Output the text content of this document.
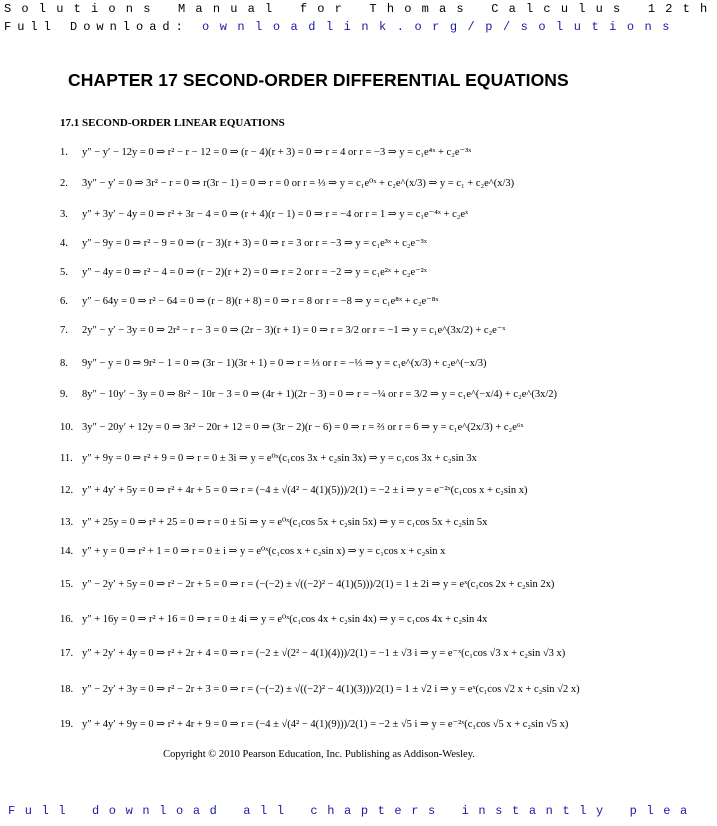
Solutions Manual for Thomas Calculus 12th
Full Download: ownloadlink.org/p/solutions
CHAPTER 17 SECOND-ORDER DIFFERENTIAL EQUATIONS
17.1 SECOND-ORDER LINEAR EQUATIONS
1. y″ − y′ − 12y = 0 ⇒ r² − r − 12 = 0 ⇒ (r − 4)(r + 3) = 0 ⇒ r = 4 or r = −3 ⇒ y = c₁e⁴ˣ + c₂e⁻³ˣ
2. 3y″ − y′ = 0 ⇒ 3r² − r = 0 ⇒ r(3r − 1) = 0 ⇒ r = 0 or r = ⅓ ⇒ y = c₁e⁰ˣ + c₂e^(x/3) ⇒ y = c₁ + c₂e^(x/3)
3. y″ + 3y′ − 4y = 0 ⇒ r² + 3r − 4 = 0 ⇒ (r + 4)(r − 1) = 0 ⇒ r = −4 or r = 1 ⇒ y = c₁e⁻⁴ˣ + c₂eˣ
4. y″ − 9y = 0 ⇒ r² − 9 = 0 ⇒ (r − 3)(r + 3) = 0 ⇒ r = 3 or r = −3 ⇒ y = c₁e³ˣ + c₂e⁻³ˣ
5. y″ − 4y = 0 ⇒ r² − 4 = 0 ⇒ (r − 2)(r + 2) = 0 ⇒ r = 2 or r = −2 ⇒ y = c₁e²ˣ + c₂e⁻²ˣ
6. y″ − 64y = 0 ⇒ r² − 64 = 0 ⇒ (r − 8)(r + 8) = 0 ⇒ r = 8 or r = −8 ⇒ y = c₁e⁸ˣ + c₂e⁻⁸ˣ
7. 2y″ − y′ − 3y = 0 ⇒ 2r² − r − 3 = 0 ⇒ (2r − 3)(r + 1) = 0 ⇒ r = 3/2 or r = −1 ⇒ y = c₁e^(3x/2) + c₂e⁻ˣ
8. 9y″ − y = 0 ⇒ 9r² − 1 = 0 ⇒ (3r − 1)(3r + 1) = 0 ⇒ r = ⅓ or r = −⅓ ⇒ y = c₁e^(x/3) + c₂e^(−x/3)
9. 8y″ − 10y′ − 3y = 0 ⇒ 8r² − 10r − 3 = 0 ⇒ (4r + 1)(2r − 3) = 0 ⇒ r = −¼ or r = 3/2 ⇒ y = c₁e^(−x/4) + c₂e^(3x/2)
10. 3y″ − 20y′ + 12y = 0 ⇒ 3r² − 20r + 12 = 0 ⇒ (3r − 2)(r − 6) = 0 ⇒ r = ⅔ or r = 6 ⇒ y = c₁e^(2x/3) + c₂e⁶ˣ
11. y″ + 9y = 0 ⇒ r² + 9 = 0 ⇒ r = 0 ± 3i ⇒ y = e⁰ˣ(c₁cos 3x + c₂sin 3x) ⇒ y = c₁cos 3x + c₂sin 3x
12. y″ + 4y′ + 5y = 0 ⇒ r² + 4r + 5 = 0 ⇒ r = (−4 ± √(4² − 4(1)(5)))/2(1) = −2 ± i ⇒ y = e⁻²ˣ(c₁cos x + c₂sin x)
13. y″ + 25y = 0 ⇒ r² + 25 = 0 ⇒ r = 0 ± 5i ⇒ y = e⁰ˣ(c₁cos 5x + c₂sin 5x) ⇒ y = c₁cos 5x + c₂sin 5x
14. y″ + y = 0 ⇒ r² + 1 = 0 ⇒ r = 0 ± i ⇒ y = e⁰ˣ(c₁cos x + c₂sin x) ⇒ y = c₁cos x + c₂sin x
15. y″ − 2y′ + 5y = 0 ⇒ r² − 2r + 5 = 0 ⇒ r = (−(−2) ± √((−2)² − 4(1)(5)))/2(1) = 1 ± 2i ⇒ y = eˣ(c₁cos 2x + c₂sin 2x)
16. y″ + 16y = 0 ⇒ r² + 16 = 0 ⇒ r = 0 ± 4i ⇒ y = e⁰ˣ(c₁cos 4x + c₂sin 4x) ⇒ y = c₁cos 4x + c₂sin 4x
17. y″ + 2y′ + 4y = 0 ⇒ r² + 2r + 4 = 0 ⇒ r = (−2 ± √(2² − 4(1)(4)))/2(1) = −1 ± √3 i ⇒ y = e⁻ˣ(c₁cos √3 x + c₂sin √3 x)
18. y″ − 2y′ + 3y = 0 ⇒ r² − 2r + 3 = 0 ⇒ r = (−(−2) ± √((−2)² − 4(1)(3)))/2(1) = 1 ± √2 i ⇒ y = eˣ(c₁cos √2 x + c₂sin √2 x)
19. y″ + 4y′ + 9y = 0 ⇒ r² + 4r + 9 = 0 ⇒ r = (−4 ± √(4² − 4(1)(9)))/2(1) = −2 ± √5 i ⇒ y = e⁻²ˣ(c₁cos √5 x + c₂sin √5 x)
Copyright © 2010 Pearson Education, Inc. Publishing as Addison-Wesley.
Full download all chapters instantly plea
